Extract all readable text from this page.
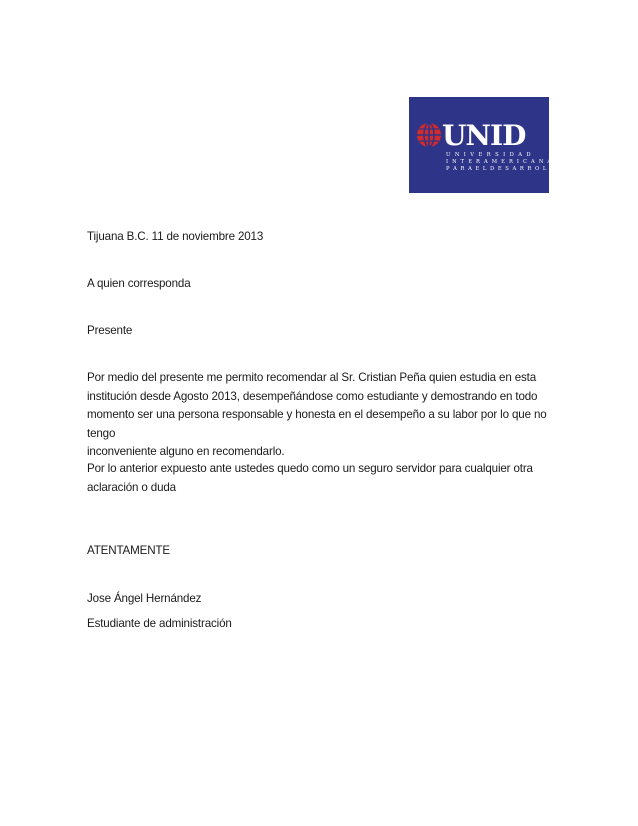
UNID
U N I V E R S I D A D
I N T E R A M E R I C A N A
P A R A E L D E S A R R O L L O

Tijuana B.C. 11 de noviembre 2013

A quien corresponda

Presente

Por medio del presente me permito recomendar al Sr. Cristian Peña quien estudia en esta
institución desde Agosto 2013, desempeñándose como estudiante y demostrando en todo
momento ser una persona responsable y honesta en el desempeño a su labor por lo que no tengo
inconveniente alguno en recomendarlo.
Por lo anterior expuesto ante ustedes quedo como un seguro servidor para cualquier otra
aclaración o duda

ATENTAMENTE

Jose Ángel Hernández

Estudiante de administración
